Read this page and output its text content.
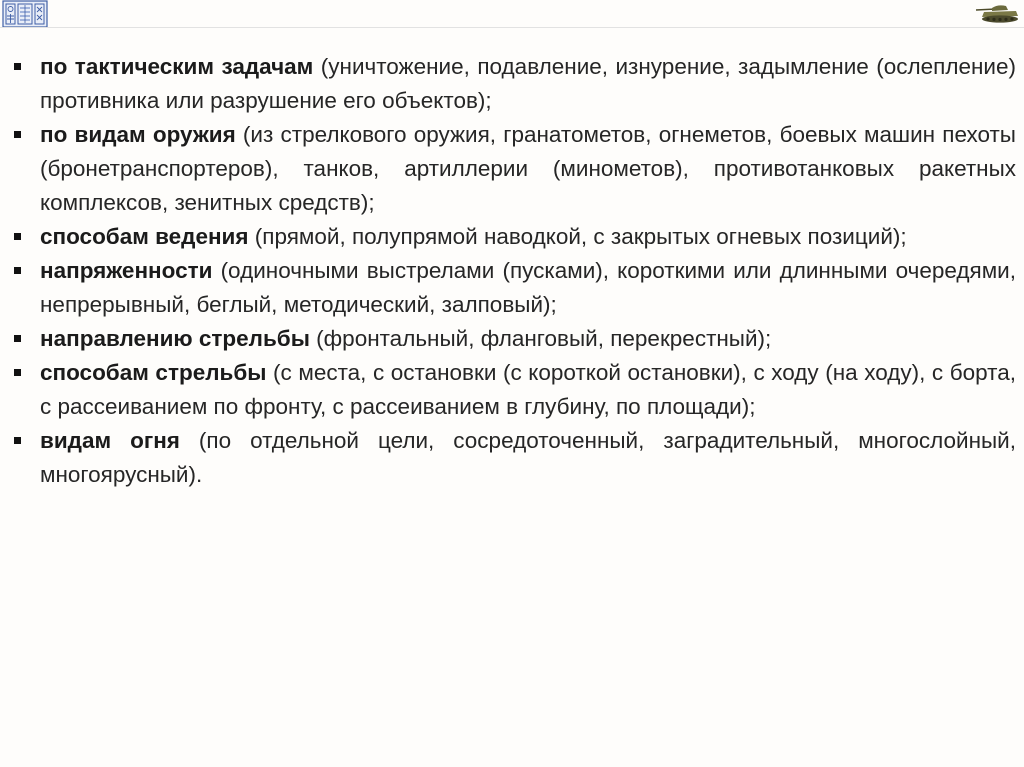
по тактическим задачам (уничтожение, подавление, изнурение, задымление (ослепление) противника или разрушение его объектов);
по видам оружия (из стрелкового оружия, гранатометов, огнеметов, боевых машин пехоты (бронетранспортеров), танков, артиллерии (минометов), противотанковых ракетных комплексов, зенитных средств);
способам ведения (прямой, полупрямой наводкой, с закрытых огневых позиций);
напряженности (одиночными выстрелами (пусками), короткими или длинными очередями, непрерывный, беглый, методический, залповый);
направлению стрельбы (фронтальный, фланговый, перекрестный);
способам стрельбы (с места, с остановки (с короткой остановки), с ходу (на ходу), с борта, с рассеиванием по фронту, с рассеиванием в глубину, по площади);
видам огня (по отдельной цели, сосредоточенный, заградительный, многослойный, многоярусный).
